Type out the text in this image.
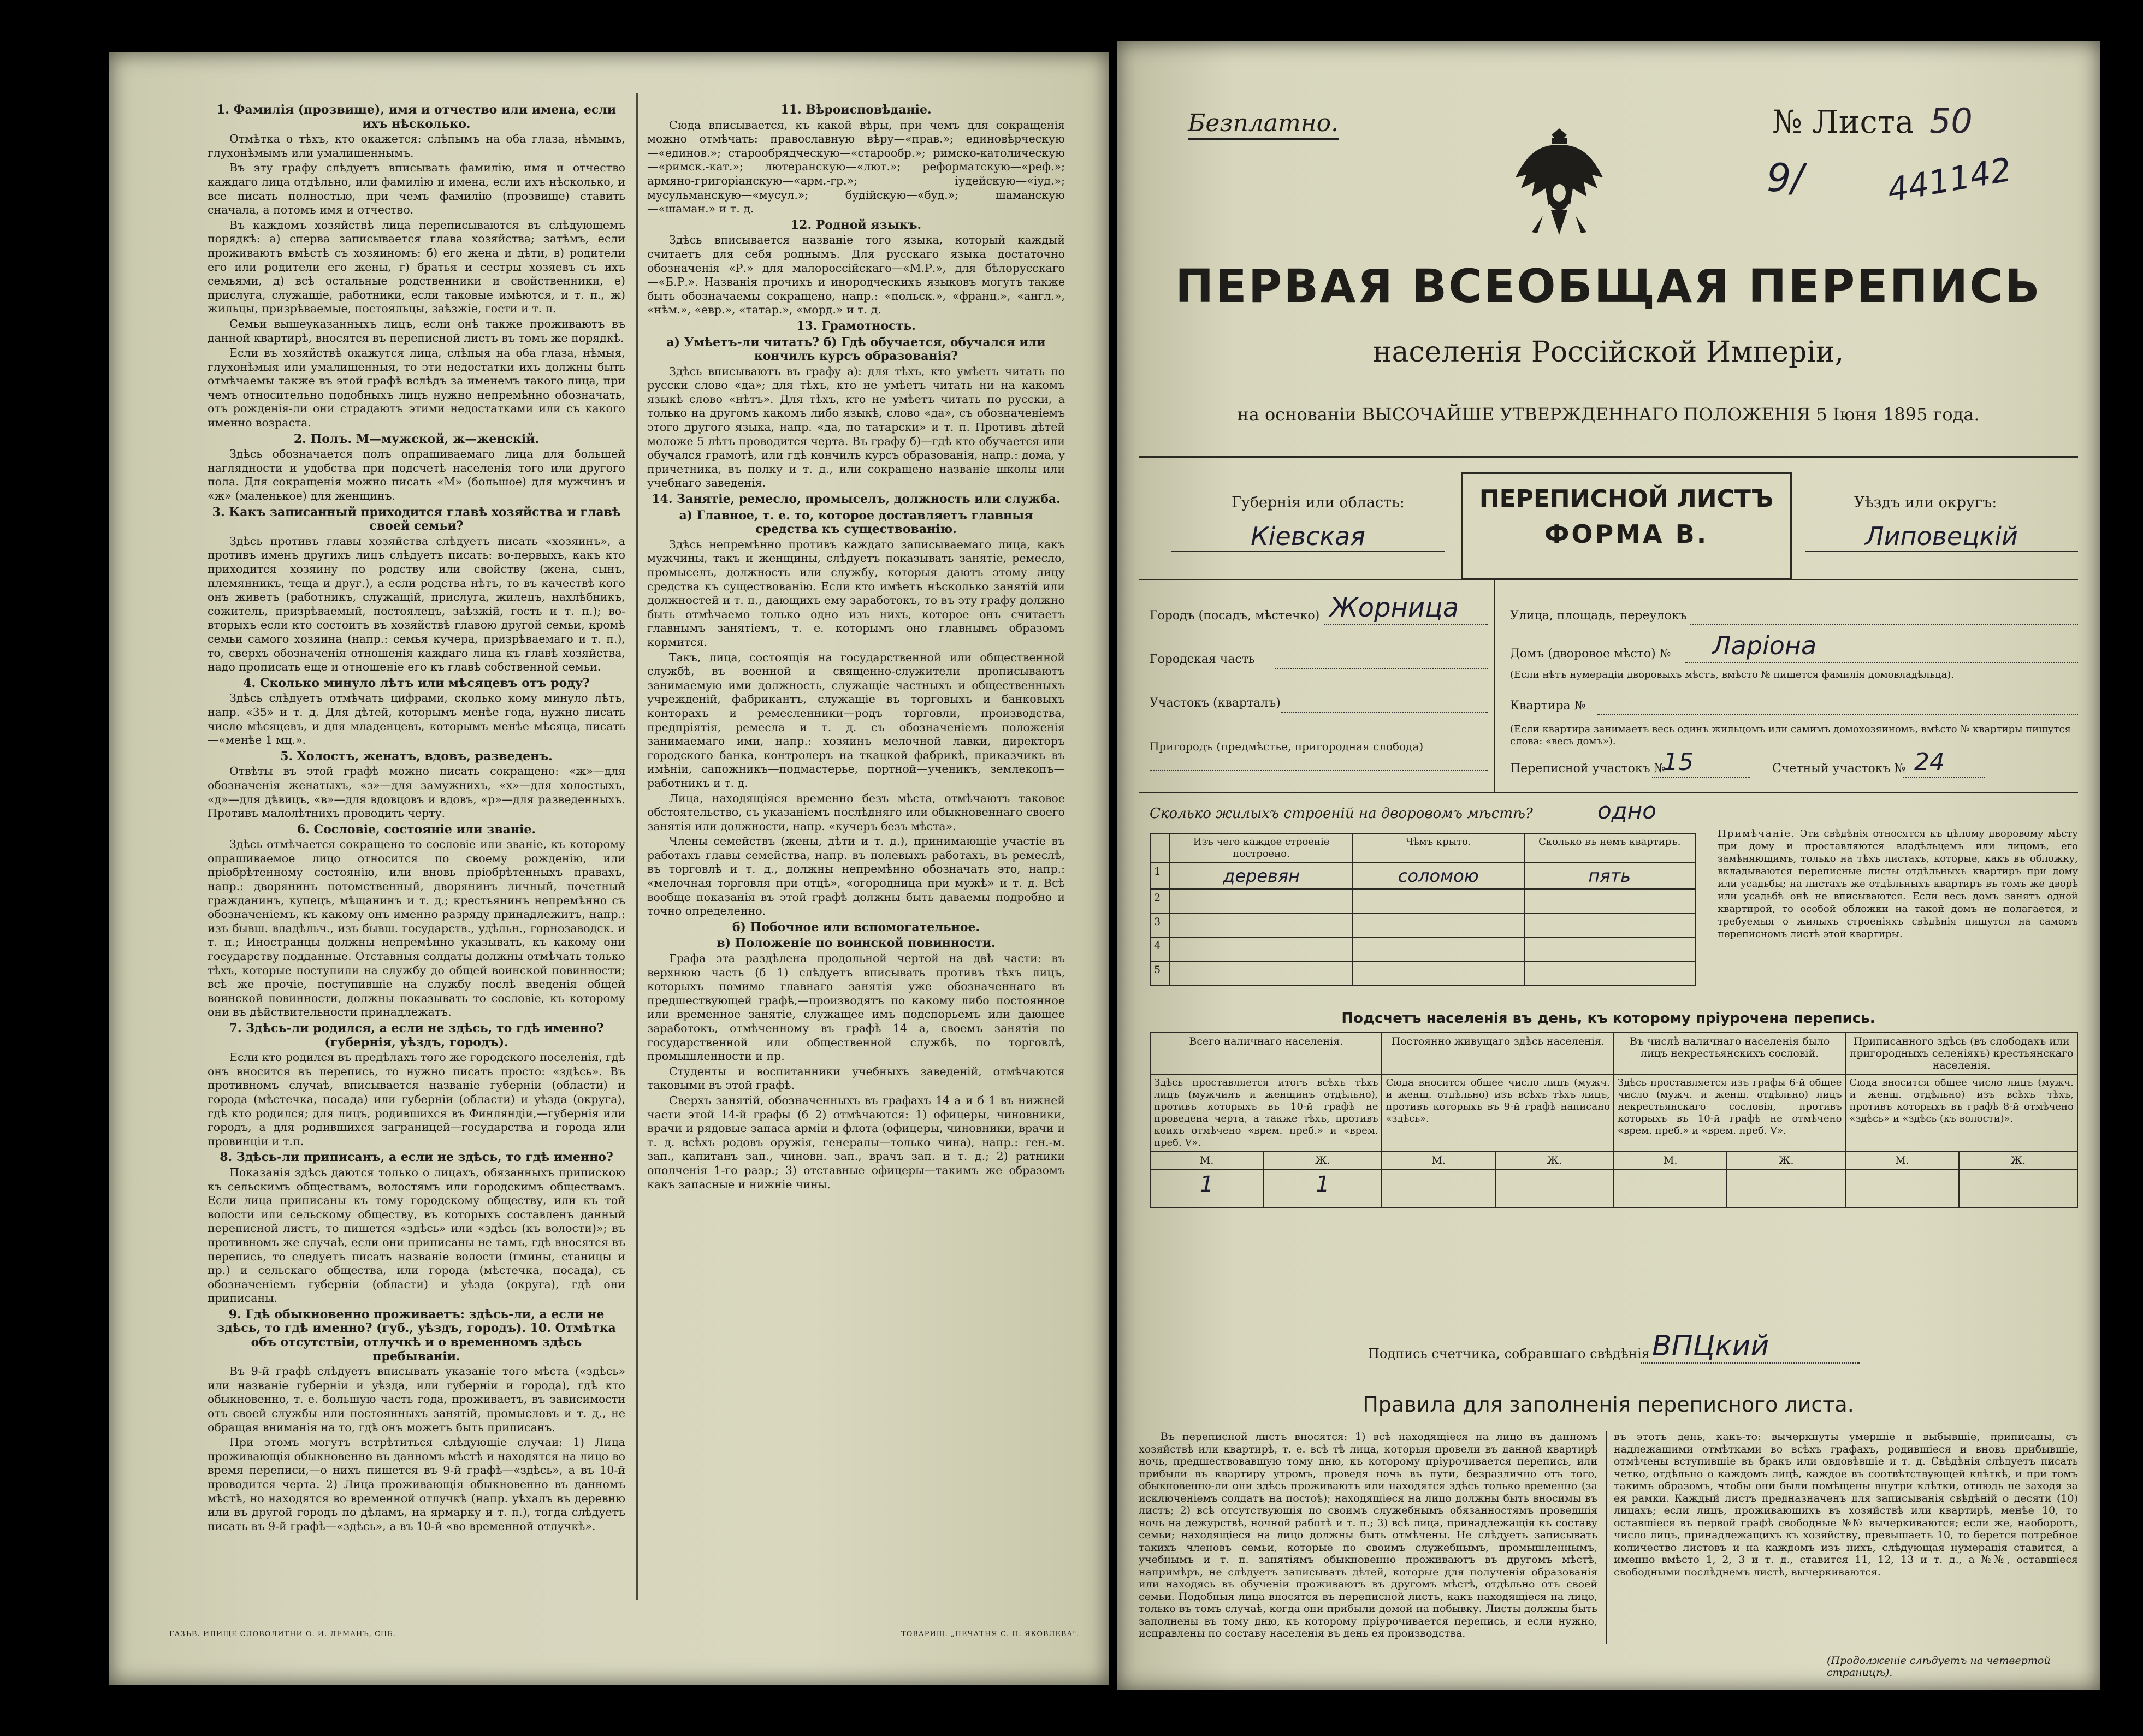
1. Фамилія (прозвище), имя и отчество или имена, если ихъ нѣсколько.

Отмѣтка о тѣхъ, кто окажется: слѣпымъ на оба глаза, нѣмымъ, глухонѣмымъ или умалишеннымъ.

Въ эту графу слѣдуетъ вписывать фамилію, имя и отчество каждаго лица отдѣльно, или фамилію и имена, если ихъ нѣсколько, и все писать полностью, при чемъ фамилію (прозвище) ставить сначала, а потомъ имя и отчество.

Въ каждомъ хозяйствѣ лица переписываются въ слѣдующемъ порядкѣ: а) сперва записывается глава хозяйства; затѣмъ, если проживаютъ вмѣстѣ съ хозяиномъ: б) его жена и дѣти, в) родители его или родители его жены, г) братья и сестры хозяевъ съ ихъ семьями, д) всѣ остальные родственники и свойственники, е) прислуга, служащіе, работники, если таковые имѣются, и т. п., ж) жильцы, призрѣваемые, постояльцы, заѣзжіе, гости и т. п.

Семьи вышеуказанныхъ лицъ, если онѣ также проживаютъ въ данной квартирѣ, вносятся въ переписной листъ въ томъ же порядкѣ.

Если въ хозяйствѣ окажутся лица, слѣпыя на оба глаза, нѣмыя, глухонѣмыя или умалишенныя, то эти недостатки ихъ должны быть отмѣчаемы также въ этой графѣ вслѣдъ за именемъ такого лица, при чемъ относительно подобныхъ лицъ нужно непремѣнно обозначать, отъ рожденія-ли они страдаютъ этими недостатками или съ какого именно возраста.

2. Полъ. М—мужской, ж—женскій.

Здѣсь обозначается полъ опрашиваемаго лица для большей наглядности и удобства при подсчетѣ населенія того или другого пола. Для сокращенія можно писать «М» (большое) для мужчинъ и «ж» (маленькое) для женщинъ.

3. Какъ записанный приходится главѣ хозяйства и главѣ своей семьи?

Здѣсь противъ главы хозяйства слѣдуетъ писать «хозяинъ», а противъ именъ другихъ лицъ слѣдуетъ писать: во-первыхъ, какъ кто приходится хозяину по родству или свойству (жена, сынъ, племянникъ, теща и друг.), а если родства нѣтъ, то въ качествѣ кого онъ живетъ (работникъ, служащій, прислуга, жилецъ, нахлѣбникъ, сожитель, призрѣваемый, постоялецъ, заѣзжій, гость и т. п.); во-вторыхъ если кто состоитъ въ хозяйствѣ главою другой семьи, кромѣ семьи самого хозяина (напр.: семья кучера, призрѣваемаго и т. п.), то, сверхъ обозначенія отношенія каждаго лица къ главѣ хозяйства, надо прописать еще и отношеніе его къ главѣ собственной семьи.

4. Сколько минуло лѣтъ или мѣсяцевъ отъ роду?

Здѣсь слѣдуетъ отмѣчать цифрами, сколько кому минуло лѣтъ, напр. «35» и т. д. Для дѣтей, которымъ менѣе года, нужно писать число мѣсяцевъ, и для младенцевъ, которымъ менѣе мѣсяца, писать —«менѣе 1 мц.».

5. Холостъ, женатъ, вдовъ, разведенъ.

Отвѣты въ этой графѣ можно писать сокращено: «ж»—для обозначенія женатыхъ, «з»—для замужнихъ, «х»—для холостыхъ, «д»—для дѣвицъ, «в»—для вдовцовъ и вдовъ, «р»—для разведенныхъ. Противъ малолѣтнихъ проводить черту.

6. Сословіе, состояніе или званіе.

Здѣсь отмѣчается сокращено то сословіе или званіе, къ которому опрашиваемое лицо относится по своему рожденію, или пріобрѣтенному состоянію, или вновь пріобрѣтенныхъ правахъ, напр.: дворянинъ потомственный, дворянинъ личный, почетный гражданинъ, купецъ, мѣщанинъ и т. д.; крестьянинъ непремѣнно съ обозначеніемъ, къ какому онъ именно разряду принадлежитъ, напр.: изъ бывш. владѣльч., изъ бывш. государств., удѣльн., горнозаводск. и т. п.; Иностранцы должны непремѣнно указывать, къ какому они государству подданные. Отставныя солдаты должны отмѣчать только тѣхъ, которые поступили на службу до общей воинской повинности; всѣ же прочіе, поступившіе на службу послѣ введенія общей воинской повинности, должны показывать то сословіе, къ которому они въ дѣйствительности принадлежатъ.

7. Здѣсь-ли родился, а если не здѣсь, то гдѣ именно? (губернія, уѣздъ, городъ).

Если кто родился въ предѣлахъ того же городского поселенія, гдѣ онъ вносится въ перепись, то нужно писать просто: «здѣсь». Въ противномъ случаѣ, вписывается названіе губерніи (области) и города (мѣстечка, посада) или губерніи (области) и уѣзда (округа), гдѣ кто родился; для лицъ, родившихся въ Финляндіи,—губернія или городъ, а для родившихся заграницей—государства и города или провинціи и т.п.

8. Здѣсь-ли приписанъ, а если не здѣсь, то гдѣ именно?

Показанія здѣсь даются только о лицахъ, обязанныхъ припискою къ сельскимъ обществамъ, волостямъ или городскимъ обществамъ. Если лица приписаны къ тому городскому обществу, или къ той волости или сельскому обществу, въ которыхъ составленъ данный переписной листъ, то пишется «здѣсь» или «здѣсь (къ волости)»; въ противномъ же случаѣ, если они приписаны не тамъ, гдѣ вносятся въ перепись, то следуетъ писать названіе волости (гмины, станицы и пр.) и сельскаго общества, или города (мѣстечка, посада), съ обозначеніемъ губерніи (области) и уѣзда (округа), гдѣ они приписаны.

9. Гдѣ обыкновенно проживаетъ: здѣсь-ли, а если не здѣсь, то гдѣ именно? (губ., уѣздъ, городъ). 10. Отмѣтка объ отсутствіи, отлучкѣ и о временномъ здѣсь пребываніи.

Въ 9-й графѣ слѣдуетъ вписывать указаніе того мѣста («здѣсь» или названіе губерніи и уѣзда, или губерніи и города), гдѣ кто обыкновенно, т. е. большую часть года, проживаетъ, въ зависимости отъ своей службы или постоянныхъ занятій, промысловъ и т. д., не обращая вниманія на то, гдѣ онъ можетъ быть приписанъ.

При этомъ могутъ встрѣтиться слѣдующіе случаи: 1) Лица проживающія обыкновенно въ данномъ мѣстѣ и находятся на лицо во время переписи,—о нихъ пишется въ 9-й графѣ—«здѣсь», а въ 10-й проводится черта. 2) Лица проживающія обыкновенно въ данномъ мѣстѣ, но находятся во временной отлучкѣ (напр. уѣхалъ въ деревню или въ другой городъ по дѣламъ, на ярмарку и т. п.), тогда слѣдуетъ писать въ 9-й графѣ—«здѣсь», а въ 10-й «во временной отлучкѣ».

11. Вѣроисповѣданіе.

Сюда вписывается, къ какой вѣры, при чемъ для сокращенія можно отмѣчать: православную вѣру—«прав.»; единовѣрческую—«единов.»; старообрядческую—«старообр.»; римско-католическую—«римск.-кат.»; лютеранскую—«лют.»; реформатскую—«реф.»; армяно-григоріанскую—«арм.-гр.»; іудейскую—«іуд.»; мусульманскую—«мусул.»; будійскую—«буд.»; шаманскую—«шаман.» и т. д.

12. Родной языкъ.

Здѣсь вписывается названіе того языка, который каждый считаетъ для себя роднымъ. Для русскаго языка достаточно обозначенія «Р.» для малороссійскаго—«М.Р.», для бѣлорусскаго—«Б.Р.». Названія прочихъ и инородческихъ языковъ могутъ также быть обозначаемы сокращено, напр.: «польск.», «франц.», «англ.», «нѣм.», «евр.», «татар.», «морд.» и т. д.

13. Грамотность.
а) Умѣетъ-ли читать? б) Гдѣ обучается, обучался или кончилъ курсъ образованія?

Здѣсь вписываютъ въ графу а): для тѣхъ, кто умѣетъ читать по русски слово «да»; для тѣхъ, кто не умѣетъ читать ни на какомъ языкѣ слово «нѣтъ». Для тѣхъ, кто не умѣетъ читать по русски, а только на другомъ какомъ либо языкѣ, слово «да», съ обозначеніемъ этого другого языка, напр. «да, по татарски» и т. п. Противъ дѣтей моложе 5 лѣтъ проводится черта. Въ графу б)—гдѣ кто обучается или обучался грамотѣ, или гдѣ кончилъ курсъ образованія, напр.: дома, у причетника, въ полку и т. д., или сокращено названіе школы или учебнаго заведенія.

14. Занятіе, ремесло, промыселъ, должность или служба.
а) Главное, т. е. то, которое доставляетъ главныя средства къ существованію.

Здѣсь непремѣнно противъ каждаго записываемаго лица, какъ мужчины, такъ и женщины, слѣдуетъ показывать занятіе, ремесло, промыселъ, должность или службу, которыя даютъ этому лицу средства къ существованію. Если кто имѣетъ нѣсколько занятій или должностей и т. п., дающихъ ему заработокъ, то въ эту графу должно быть отмѣчаемо только одно изъ нихъ, которое онъ считаетъ главнымъ занятіемъ, т. е. которымъ оно главнымъ образомъ кормится.

Такъ, лица, состоящія на государственной или общественной службѣ, въ военной и священно-служители прописываютъ занимаемую ими должность, служащіе частныхъ и общественныхъ учрежденій, фабрикантъ, служащіе въ торговыхъ и банковыхъ конторахъ и ремесленники—родъ торговли, производства, предпріятія, ремесла и т. д. съ обозначеніемъ положенія занимаемаго ими, напр.: хозяинъ мелочной лавки, директоръ городского банка, контролеръ на ткацкой фабрикѣ, приказчикъ въ имѣніи, сапожникъ—подмастерье, портной—ученикъ, землекопъ—работникъ и т. д.

Лица, находящіяся временно безъ мѣста, отмѣчаютъ таковое обстоятельство, съ указаніемъ послѣдняго или обыкновеннаго своего занятія или должности, напр. «кучеръ безъ мѣста».

Члены семействъ (жены, дѣти и т. д.), принимающіе участіе въ работахъ главы семейства, напр. въ полевыхъ работахъ, въ ремеслѣ, въ торговлѣ и т. д., должны непремѣнно обозначать это, напр.: «мелочная торговля при отцѣ», «огородница при мужѣ» и т. д. Всѣ вообще показанія въ этой графѣ должны быть даваемы подробно и точно определенно.

б) Побочное или вспомогательное.
в) Положеніе по воинской повинности.

Графа эта раздѣлена продольной чертой на двѣ части: въ верхнюю часть (б 1) слѣдуетъ вписывать противъ тѣхъ лицъ, которыхъ помимо главнаго занятія уже обозначеннаго въ предшествующей графѣ,—производятъ по какому либо постоянное или временное занятіе, служащее имъ подспорьемъ или дающее заработокъ, отмѣченному въ графѣ 14 а, своемъ занятіи по государственной или общественной службѣ, по торговлѣ, промышленности и пр.

Студенты и воспитанники учебныхъ заведеній, отмѣчаются таковыми въ этой графѣ.

Сверхъ занятій, обозначенныхъ въ графахъ 14 а и б 1 въ нижней части этой 14-й графы (б 2) отмѣчаются: 1) офицеры, чиновники, врачи и рядовые запаса арміи и флота (офицеры, чиновники, врачи и т. д. всѣхъ родовъ оружія, генералы—только чина), напр.: ген.-м. зап., капитанъ зап., чиновн. зап., врачъ зап. и т. д.; 2) ратники ополченія 1-го разр.; 3) отставные офицеры—такимъ же образомъ какъ запасные и нижніе чины.

ГАЗЪВ. ИЛИЩЕ СЛОВОЛИТНИ О. И. ЛЕМАНЪ, СПБ.	ТОВАРИЩ. „ПЕЧАТНЯ С. П. ЯКОВЛЕВА".
Безплатно.	№ Листа 50
9/ 441142
ПЕРВАЯ ВСЕОБЩАЯ ПЕРЕПИСЬ
населенія Россійской Имперіи,
на основаніи ВЫСОЧАЙШЕ УТВЕРЖДЕННАГО ПОЛОЖЕНІЯ 5 Іюня 1895 года.
Губернія или область:
Кіевская
ПЕРЕПИСНОЙ ЛИСТЪ
ФОРМА В.
Уѣздъ или округъ:
Липовецкій
Городъ (посадъ, мѣстечко) Жорница
Городская часть
Участокъ (кварталъ)
Пригородъ (предмѣстье, пригородная слобода)
Улица, площадь, переулокъ
Домъ (дворовое мѣсто) № Ларіона
(Если нѣтъ нумераціи дворовыхъ мѣстъ, вмѣсто № пишется фамилія домовладѣльца).
Квартира №
(Если квартира занимаетъ весь одинъ жильцомъ или самимъ домохозяиномъ, вмѣсто № квартиры пишутся слова: «весь домъ»).
Переписной участокъ №
15	Счетный участокъ № 24
Сколько жилыхъ строеній на дворовомъ мѣстѣ?	одно
	Изъ чего каждое строеніе построено.	Чѣмъ крыто.	Сколько въ немъ квартиръ.
1	деревян	соломою	пять
2			
3			
4			
5			
Примѣчаніе. Эти свѣдѣнія относятся къ цѣлому дворовому мѣсту при дому и проставляются владѣльцемъ или лицомъ, его замѣняющимъ, только на тѣхъ листахъ, которые, какъ въ обложку, вкладываются переписные листы отдѣльныхъ квартиръ при дому или усадьбы; на листахъ же отдѣльныхъ квартиръ въ томъ же дворѣ или усадьбѣ онѣ не вписываются. Если весь домъ занятъ одной квартирой, то особой обложки на такой домъ не полагается, и требуемыя о жилыхъ строеніяхъ свѣдѣнія пишутся на самомъ переписномъ листѣ этой квартиры.
Подсчетъ населенія въ день, къ которому пріурочена перепись.
Всего наличнаго населенія.		Постоянно живущаго здѣсь населенія.		Въ числѣ наличнаго населенія было лицъ некрестьянскихъ сословій.		Приписанного здѣсь (въ слободахъ или пригородныхъ селеніяхъ) крестьянскаго населенія.	
Здѣсь проставляется итогъ всѣхъ тѣхъ лицъ (мужчинъ и женщинъ отдѣльно), противъ которыхъ въ 10-й графѣ не проведена черта, а также тѣхъ, противъ коихъ отмѣчено «врем. преб.» и «врем. преб. V».		Сюда вносится общее число лицъ (мужч. и женщ. отдѣльно) изъ всѣхъ тѣхъ лицъ, противъ которыхъ въ 9-й графѣ написано «здѣсь».		Здѣсь проставляется изъ графы 6-й общее число (мужч. и женщ. отдѣльно) лицъ некрестьянскаго сословія, противъ которыхъ въ 10-й графѣ не отмѣчено «врем. преб.» и «врем. преб. V».		Сюда вносится общее число лицъ (мужч. и женщ. отдѣльно) изъ всѣхъ тѣхъ, противъ которыхъ въ графѣ 8-й отмѣчено «здѣсь» и «здѣсь (къ волости)».	
М.	Ж.	М.	Ж.	М.	Ж.	М.	Ж.
1	1						
Подпись счетчика, собравшаго свѣдѣнія ВПЦкий
Правила для заполненія переписного листа.
Въ переписной листъ вносятся: 1) всѣ находящіеся на лицо въ данномъ хозяйствѣ или квартирѣ, т. е. всѣ тѣ лица, которыя провели въ данной квартирѣ ночь, предшествовавшую тому дню, къ которому пріурочивается перепись, или прибыли въ квартиру утромъ, проведя ночь въ пути, безразлично отъ того, обыкновенно-ли они здѣсь проживаютъ или находятся здѣсь только временно (за исключеніемъ солдатъ на постоѣ); находящіеся на лицо должны быть вносимы въ листъ; 2) всѣ отсутствующія по своимъ служебнымъ обязанностямъ проведшія ночь на дежурствѣ, ночной работѣ и т. п.; 3) всѣ лица, принадлежащія къ составу семьи; находящіеся на лицо должны быть отмѣчены. Не слѣдуетъ записывать такихъ членовъ семьи, которые по своимъ служебнымъ, промышленнымъ, учебнымъ и т. п. занятіямъ обыкновенно проживаютъ въ другомъ мѣстѣ, напримѣръ, не слѣдуетъ записывать дѣтей, которые для полученія образованія или находясь въ обученіи проживаютъ въ другомъ мѣстѣ, отдѣльно отъ своей семьи. Подобныя лица вносятся въ переписной листъ, какъ находящіеся на лицо, только въ томъ случаѣ, когда они прибыли домой на побывку. Листы должны быть заполнены въ тому дню, къ которому пріурочивается перепись, и если нужно, исправлены по составу населенія въ день ея производства.
въ этотъ день, какъ-то: вычеркнуты умершіе и выбывшіе, приписаны, съ надлежащими отмѣтками во всѣхъ графахъ, родившіеся и вновь прибывшіе, отмѣчены вступившіе въ бракъ или овдовѣвшіе и т. д. Свѣдѣнія слѣдуетъ писать четко, отдѣльно о каждомъ лицѣ, каждое въ соотвѣтствующей клѣткѣ, и при томъ такимъ образомъ, чтобы они были помѣщены внутри клѣтки, отнюдь не заходя за ея рамки. Каждый листъ предназначенъ для записыванія свѣдѣній о десяти (10) лицахъ; если лицъ, проживающихъ въ хозяйствѣ или квартирѣ, менѣе 10, то оставшіеся въ первой графѣ свободные №№ вычеркиваются; если же, наоборотъ, число лицъ, принадлежащихъ къ хозяйству, превышаетъ 10, то берется потребное количество листовъ и на каждомъ изъ нихъ, слѣдующая нумерація ставится, а именно вмѣсто 1, 2, 3 и т. д., ставится 11, 12, 13 и т. д., а №№, оставшіеся свободными послѣднемъ листѣ, вычеркиваются.
(Продолженіе слѣдуетъ на четвертой страницѣ).
